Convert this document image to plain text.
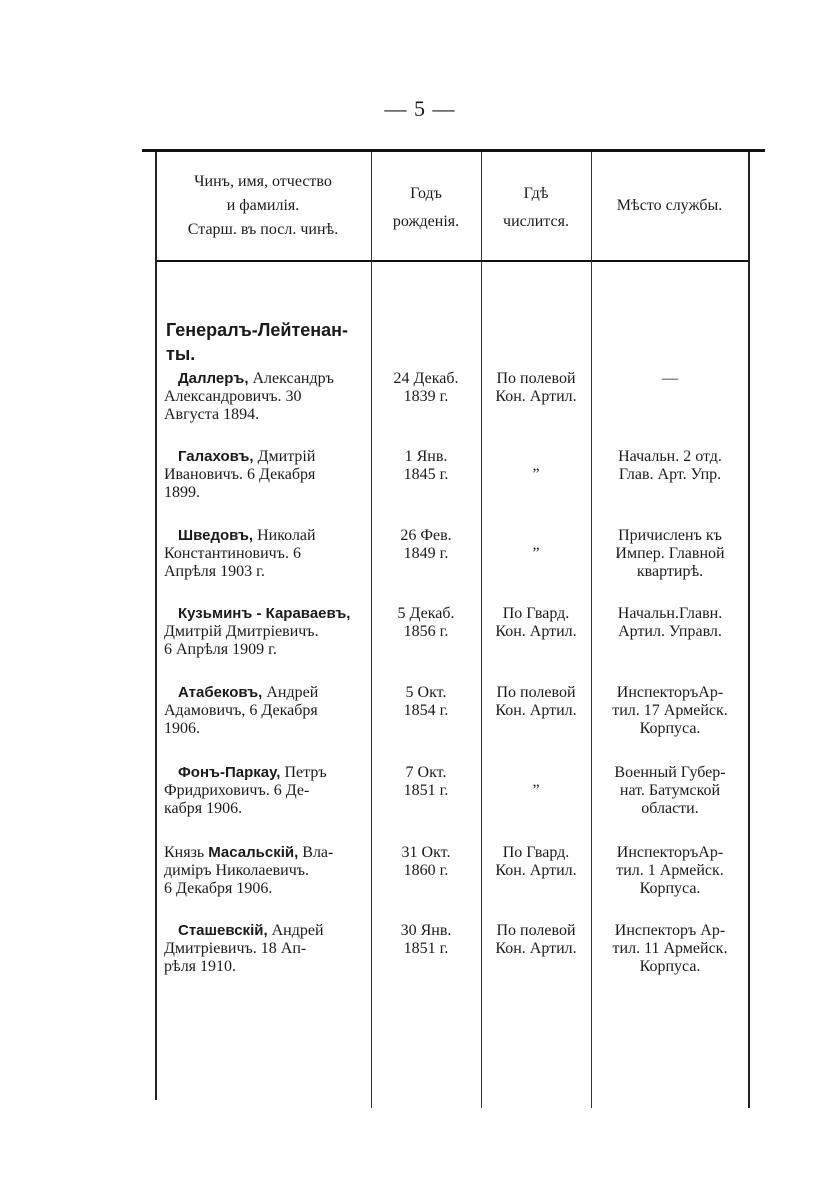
— 5 —
Чинъ, имя, отчество
и фамилія.
Старш. въ посл. чинѣ.
Годъ
рожденія.
Гдѣ
числится.
Мѣсто службы.
Генералъ-Лейтенан-
ты.
Даллеръ, Александръ
Александровичъ. 30
Августа 1894.
24 Декаб.
1839 г.
По полевой
Кон. Артил.
—
Галаховъ, Дмитрій
Ивановичъ. 6 Декабря
1899.
1 Янв.
1845 г.
„
Начальн. 2 отд.
Глав. Арт. Упр.
Шведовъ, Николай
Константиновичъ. 6
Апрѣля 1903 г.
26 Фев.
1849 г.
„
Причисленъ къ
Импер. Главной
квартирѣ.
Кузьминъ - Караваевъ,
Дмитрій Дмитріевичъ.
6 Апрѣля 1909 г.
5 Декаб.
1856 г.
По Гвард.
Кон. Артил.
Начальн.Главн.
Артил. Управл.
Атабековъ, Андрей
Адамовичъ, 6 Декабря
1906.
5 Окт.
1854 г.
По полевой
Кон. Артил.
ИнспекторъАр-
тил. 17 Армейск.
Корпуса.
Фонъ-Паркау, Петръ
Фридриховичъ. 6 Де-
кабря 1906.
7 Окт.
1851 г.
„
Военный Губер-
нат. Батумской
области.
Князь Масальскій, Вла-
диміръ Николаевичъ.
6 Декабря 1906.
31 Окт.
1860 г.
По Гвард.
Кон. Артил.
ИнспекторъАр-
тил. 1 Армейск.
Корпуса.
Сташевскій, Андрей
Дмитріевичъ. 18 Ап-
рѣля 1910.
30 Янв.
1851 г.
По полевой
Кон. Артил.
Инспекторъ Ар-
тил. 11 Армейск.
Корпуса.
